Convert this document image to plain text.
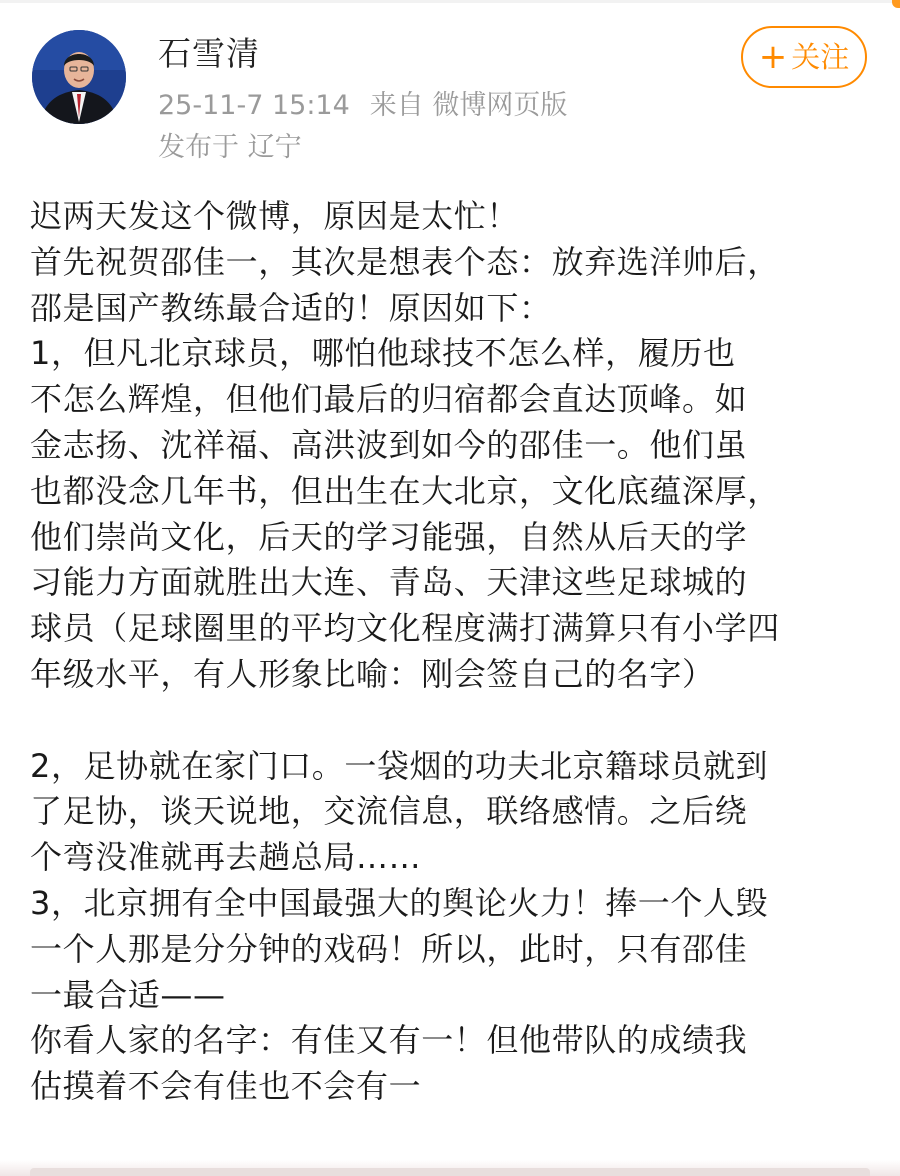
石雪清
25-11-7 15:14 来自 微博网页版
发布于 辽宁
+ 关注

迟两天发这个微博，原因是太忙！

首先祝贺邵佳一，其次是想表个态：放弃选洋帅后，

邵是国产教练最合适的！原因如下：

1，但凡北京球员，哪怕他球技不怎么样，履历也

不怎么辉煌，但他们最后的归宿都会直达顶峰。如

金志扬、沈祥福、高洪波到如今的邵佳一。他们虽

也都没念几年书，但出生在大北京，文化底蕴深厚，

他们崇尚文化，后天的学习能强，自然从后天的学

习能力方面就胜出大连、青岛、天津这些足球城的

球员（足球圈里的平均文化程度满打满算只有小学四

年级水平，有人形象比喻：刚会签自己的名字）

2，足协就在家门口。一袋烟的功夫北京籍球员就到

了足协，谈天说地，交流信息，联络感情。之后绕

个弯没准就再去趟总局……

3，北京拥有全中国最强大的舆论火力！捧一个人毁

一个人那是分分钟的戏码！所以，此时，只有邵佳

一最合适——

你看人家的名字：有佳又有一！但他带队的成绩我

估摸着不会有佳也不会有一
